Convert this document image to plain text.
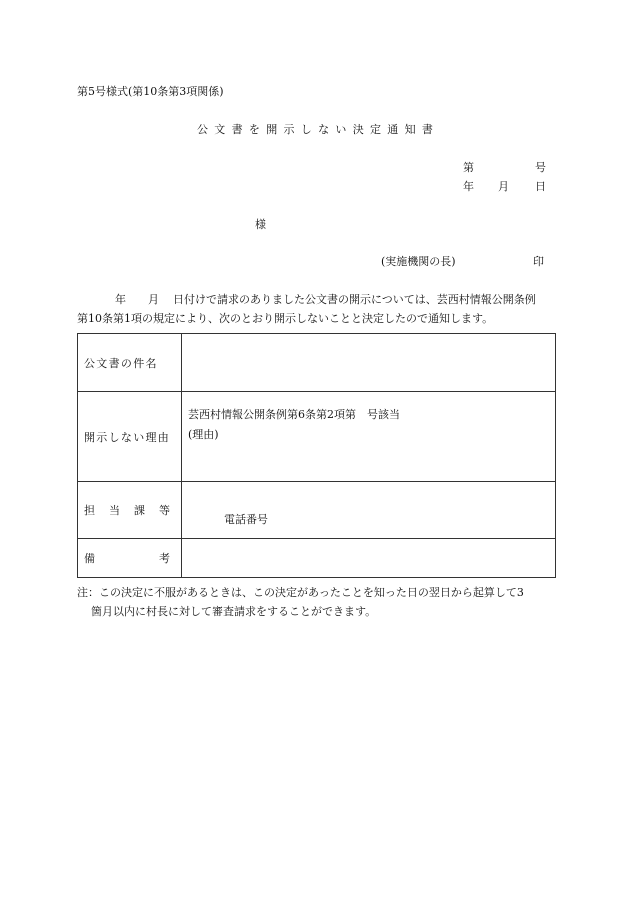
第5号様式(第10条第3項関係)
公文書を開示しない決定通知書
第	号
年 月 日
様
(実施機関の長)	印
年 月 日付けで請求のありました公文書の開示については、芸西村情報公開条例
第10条第1項の規定により、次のとおり開示しないことと決定したので通知します。
公文書の件名	
開示しない理由	芸西村情報公開条例第6条第2項第　号該当
(理由)

担 当 課 等	電話番号

備 考	

注：この決定に不服があるときは、この決定があったことを知った日の翌日から起算して3
箇月以内に村長に対して審査請求をすることができます。
